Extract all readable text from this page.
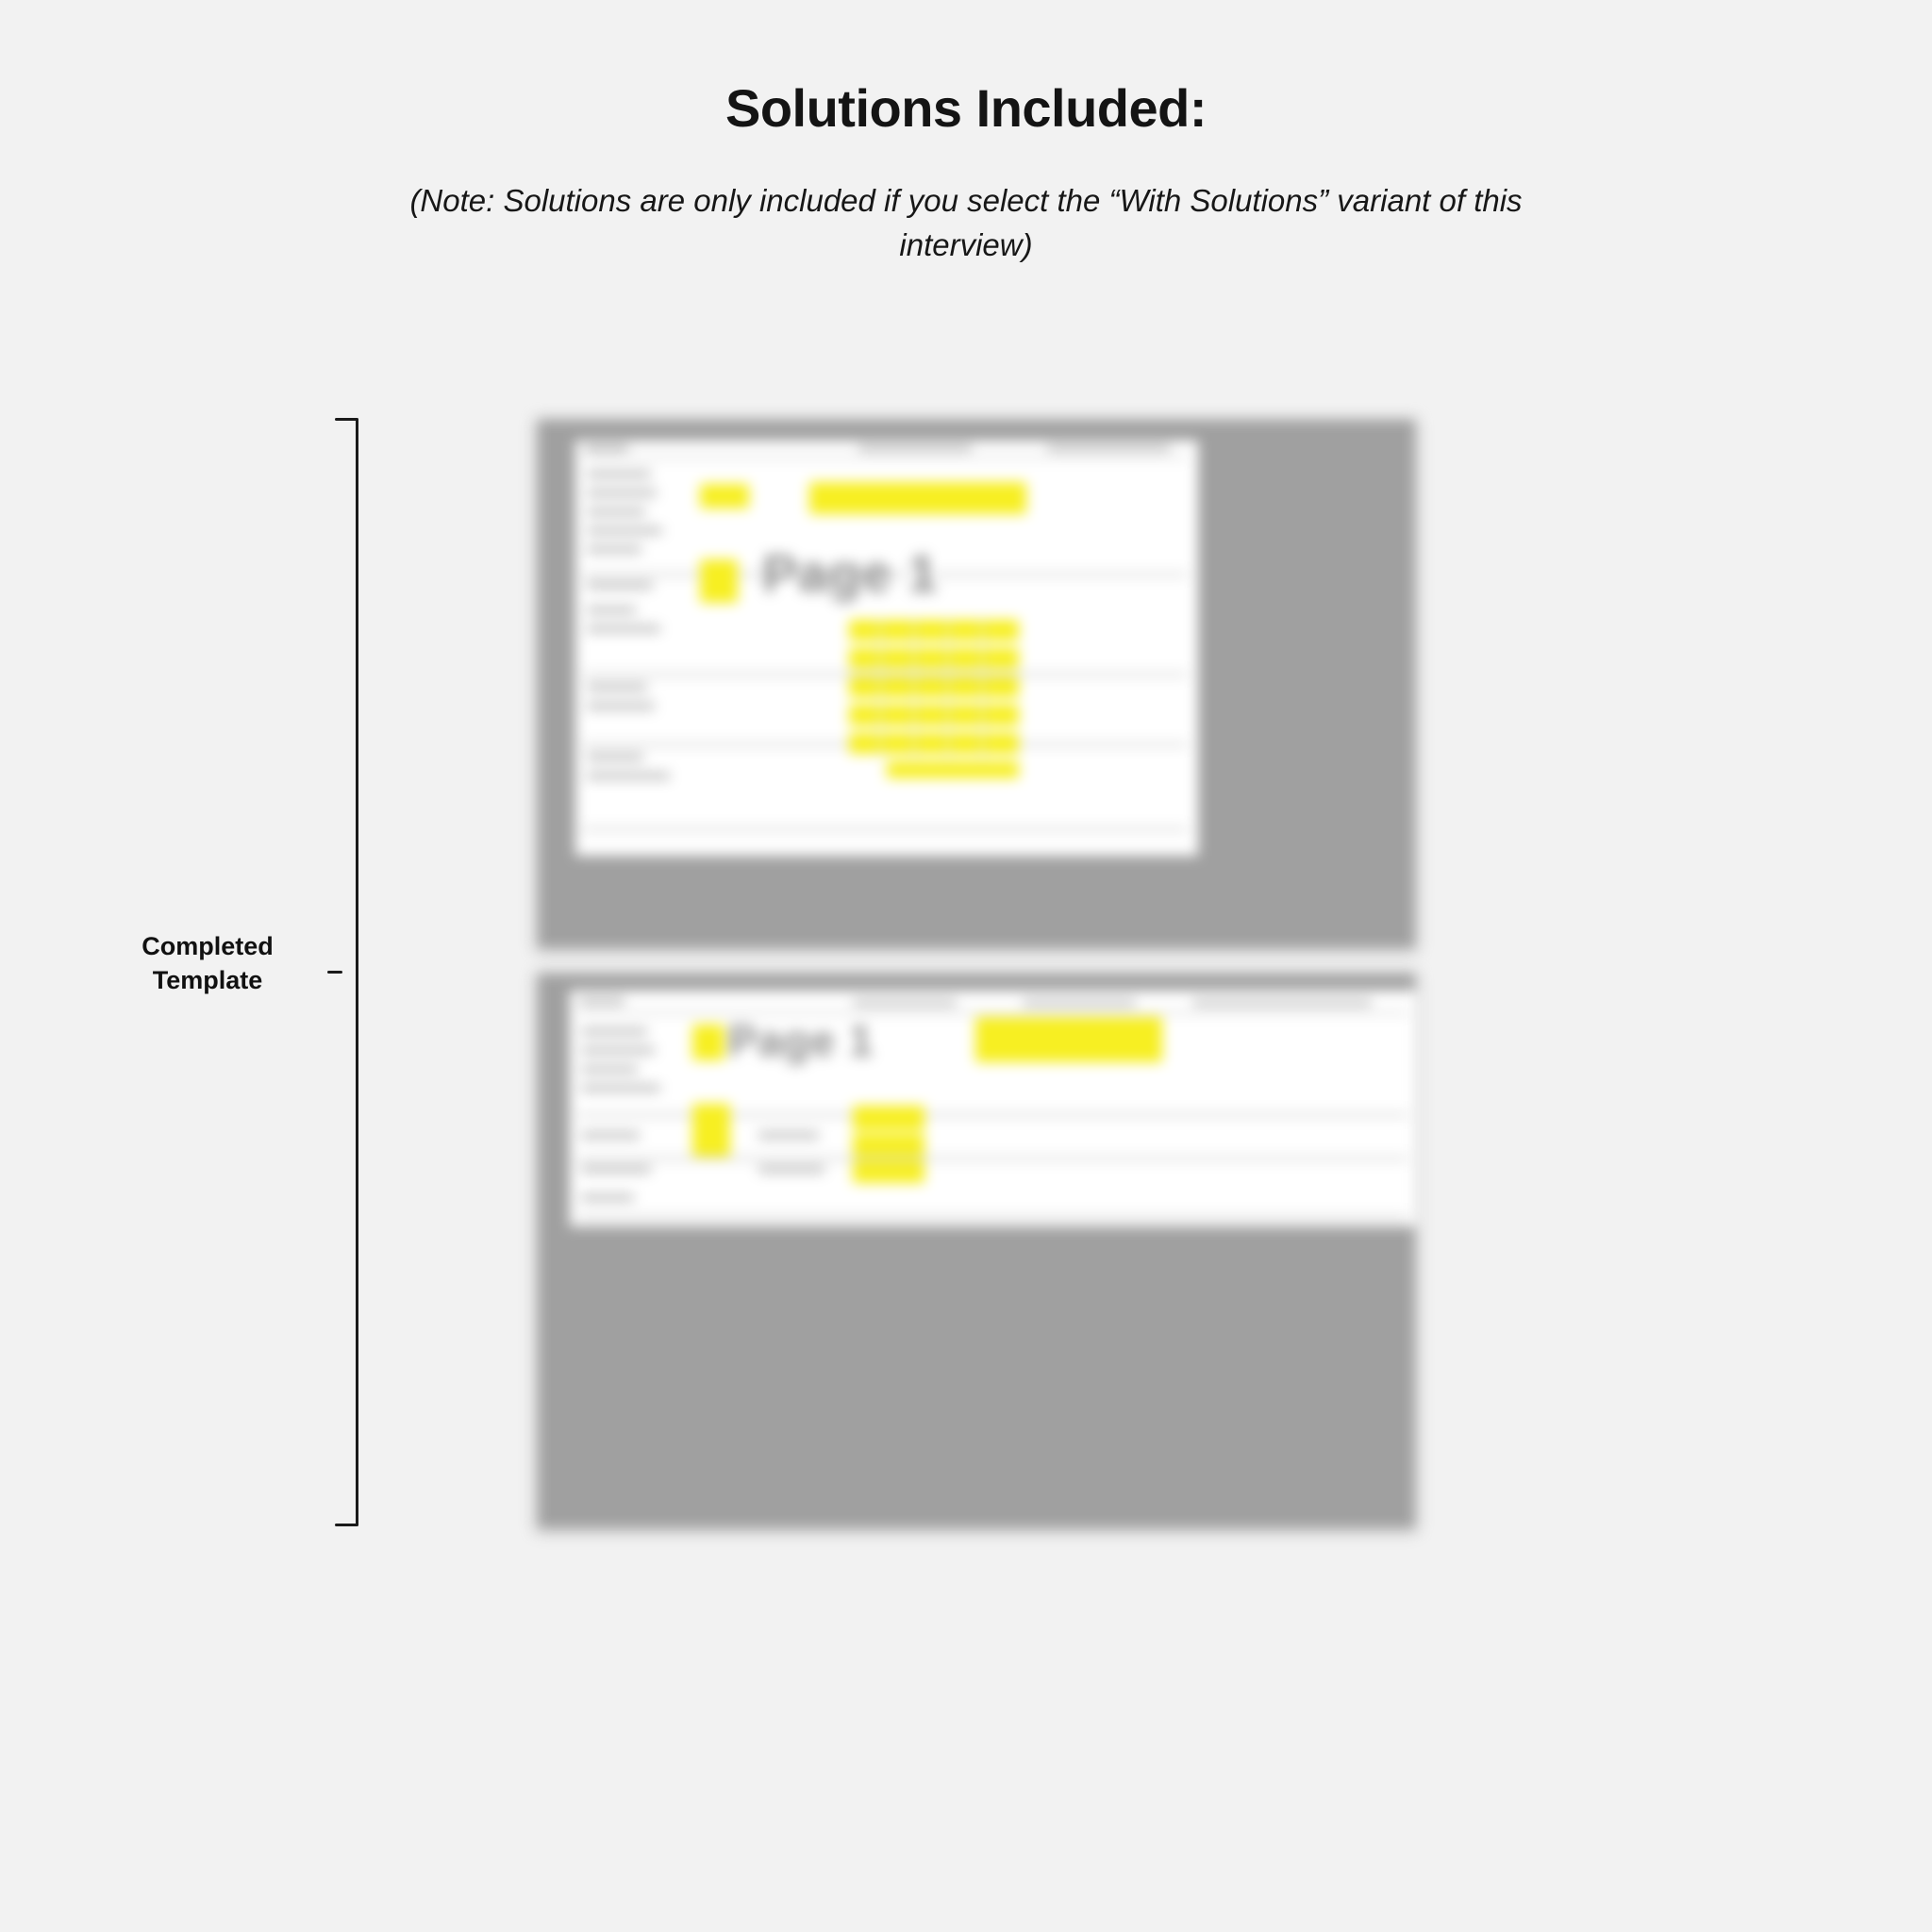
Solutions Included:
(Note: Solutions are only included if you select the “With Solutions” variant of this interview)
Completed
Template
Page 1
Page 1
